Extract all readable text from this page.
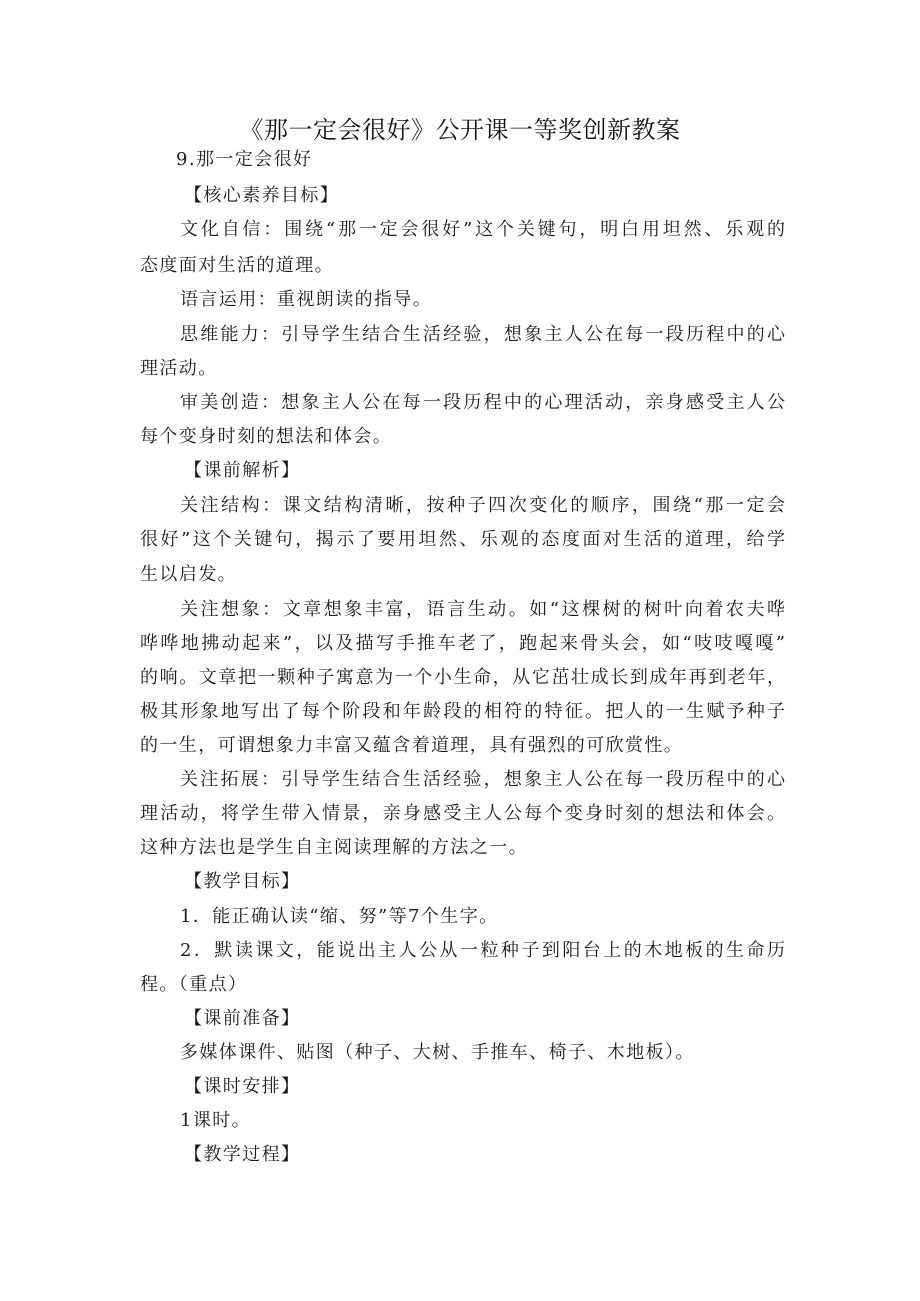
《那一定会很好》公开课一等奖创新教案
9.那一定会很好
【核心素养目标】
文化自信：围绕“那一定会很好”这个关键句，明白用坦然、乐观的
态度面对生活的道理。
语言运用：重视朗读的指导。
思维能力：引导学生结合生活经验，想象主人公在每一段历程中的心
理活动。
审美创造：想象主人公在每一段历程中的心理活动，亲身感受主人公
每个变身时刻的想法和体会。
【课前解析】
关注结构：课文结构清晰，按种子四次变化的顺序，围绕“那一定会
很好”这个关键句，揭示了要用坦然、乐观的态度面对生活的道理，给学
生以启发。
关注想象：文章想象丰富，语言生动。如“这棵树的树叶向着农夫哗
哗哗地拂动起来”，以及描写手推车老了，跑起来骨头会，如“吱吱嘎嘎”
的响。文章把一颗种子寓意为一个小生命，从它茁壮成长到成年再到老年，
极其形象地写出了每个阶段和年龄段的相符的特征。把人的一生赋予种子
的一生，可谓想象力丰富又蕴含着道理，具有强烈的可欣赏性。
关注拓展：引导学生结合生活经验，想象主人公在每一段历程中的心
理活动，将学生带入情景，亲身感受主人公每个变身时刻的想法和体会。
这种方法也是学生自主阅读理解的方法之一。
【教学目标】
1．能正确认读“缩、努”等7个生字。
2．默读课文，能说出主人公从一粒种子到阳台上的木地板的生命历
程。（重点）
【课前准备】
多媒体课件、贴图（种子、大树、手推车、椅子、木地板）。
【课时安排】
1课时。
【教学过程】
